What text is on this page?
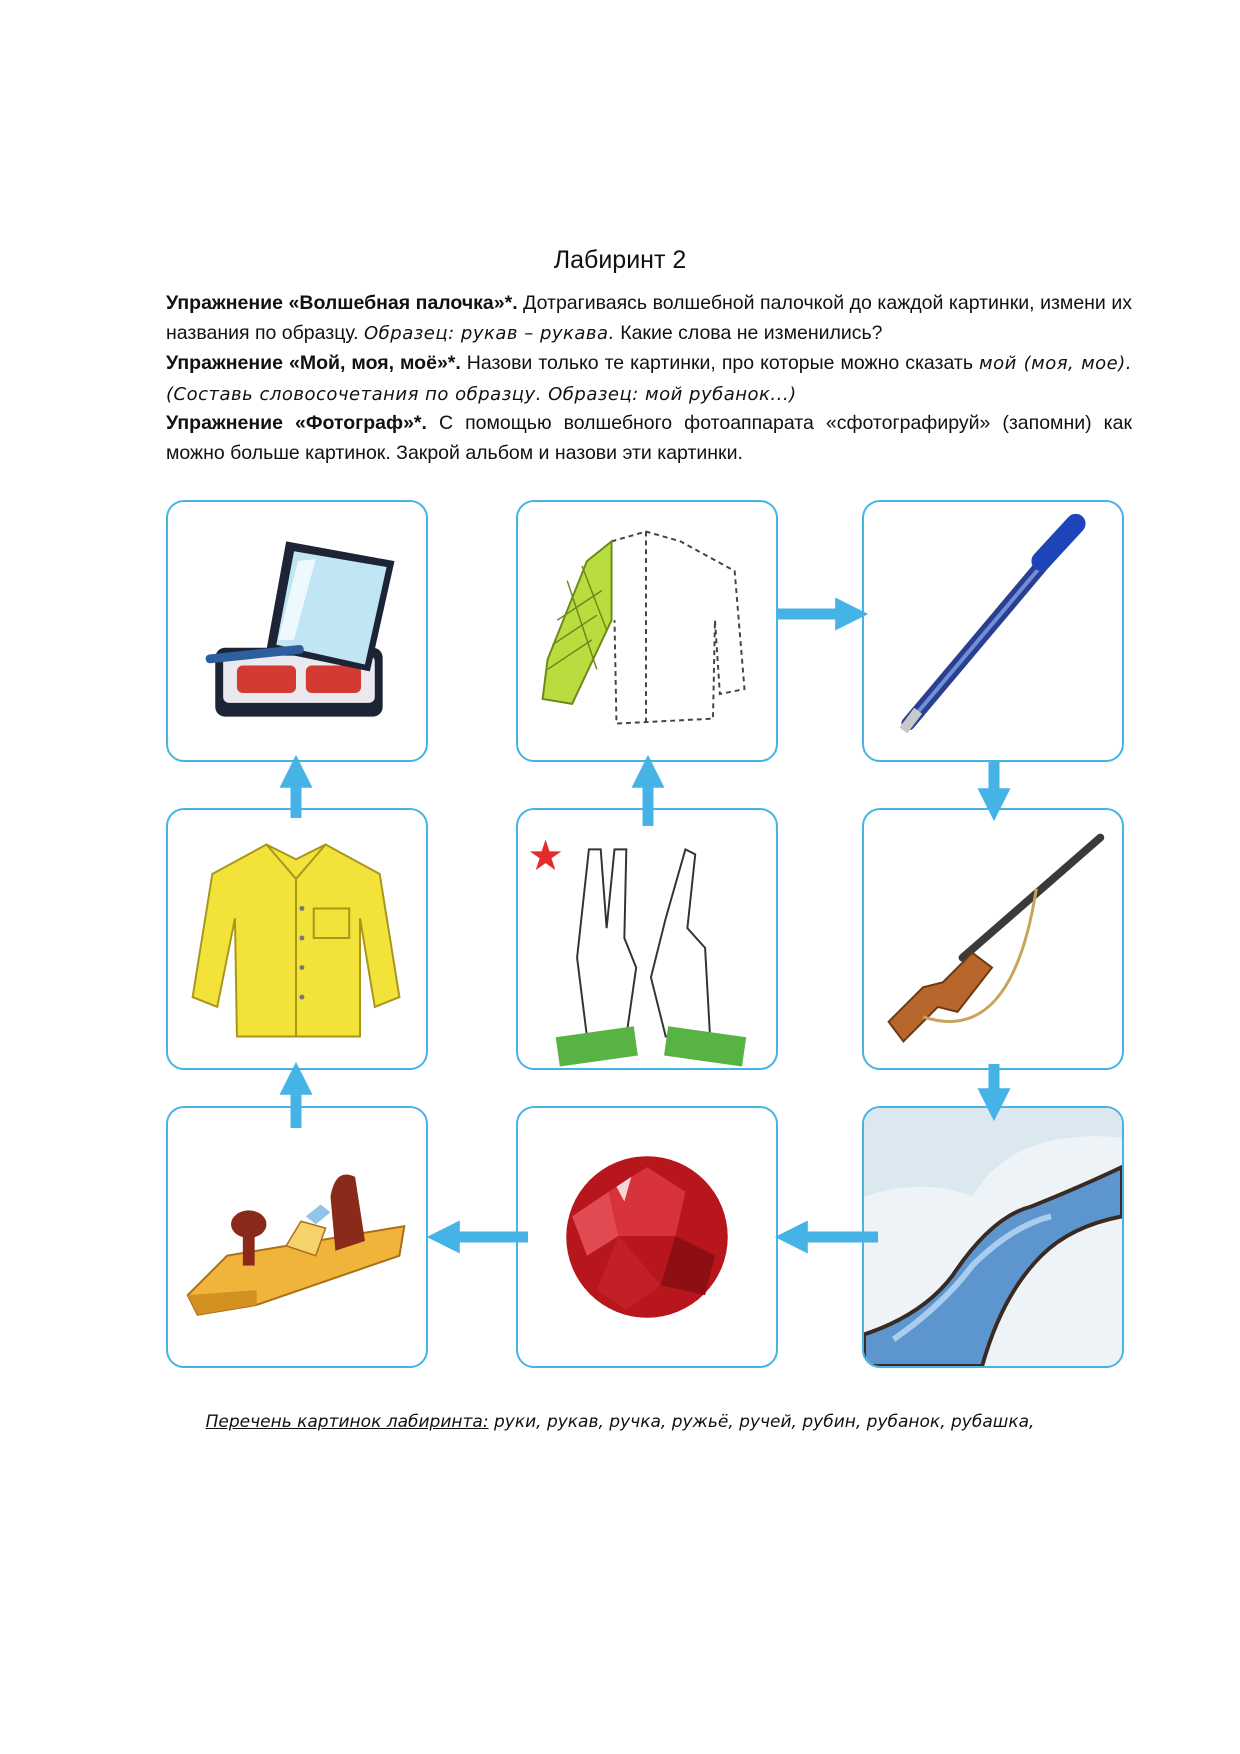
Лабиринт 2
Упражнение «Волшебная палочка»*. Дотрагиваясь волшебной палочкой до каждой картинки, измени их названия по образцу. Образец: рукав – рукава. Какие слова не изменились?
Упражнение «Мой, моя, моё»*. Назови только те картинки, про которые можно сказать мой (моя, мое). (Составь словосочетания по образцу. Образец: мой рубанок...)
Упражнение «Фотограф»*. С помощью волшебного фотоаппарата «сфотографируй» (запомни) как можно больше картинок. Закрой альбом и назови эти картинки.
Перечень картинок лабиринта: руки, рукав, ручка, ружьё, ручей, рубин, рубанок, рубашка,
